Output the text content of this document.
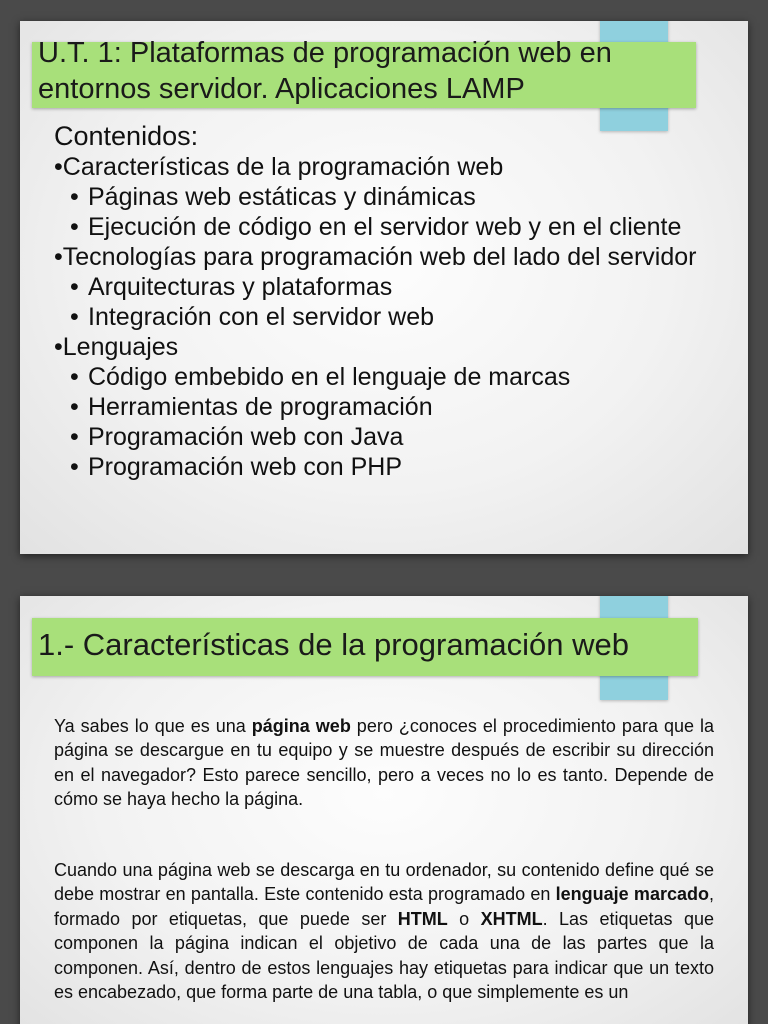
U.T. 1: Plataformas de programación web en entornos servidor. Aplicaciones LAMP
Contenidos:
•Características de la programación web
• Páginas web estáticas y dinámicas
• Ejecución de código en el servidor web y en el cliente
•Tecnologías para programación web del lado del servidor
• Arquitecturas y plataformas
• Integración con el servidor web
•Lenguajes
• Código embebido en el lenguaje de marcas
• Herramientas de programación
• Programación web con Java
• Programación web con PHP
1.- Características de la programación web
Ya sabes lo que es una página web pero ¿conoces el procedimiento para que la página se descargue en tu equipo y se muestre después de escribir su dirección en el navegador? Esto parece sencillo, pero a veces no lo es tanto. Depende de cómo se haya hecho la página.
Cuando una página web se descarga en tu ordenador, su contenido define qué se debe mostrar en pantalla. Este contenido esta programado en lenguaje marcado, formado por etiquetas, que puede ser HTML o XHTML. Las etiquetas que componen la página indican el objetivo de cada una de las partes que la componen. Así, dentro de estos lenguajes hay etiquetas para indicar que un texto es encabezado, que forma parte de una tabla, o que simplemente es un
